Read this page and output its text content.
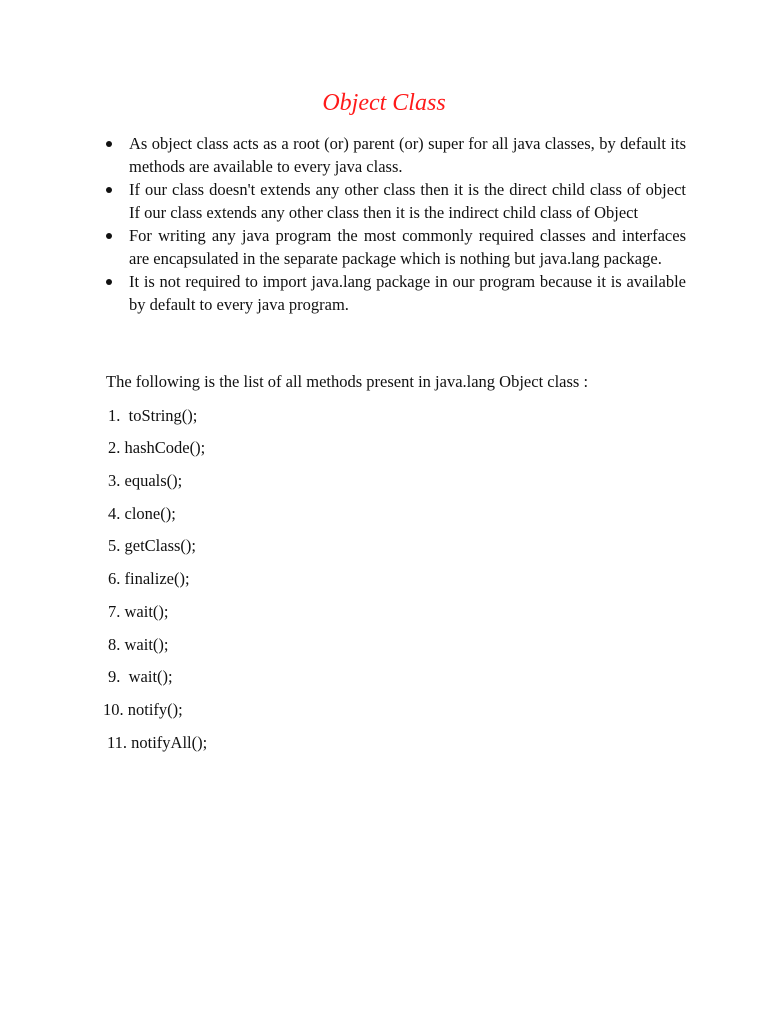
Object Class
As object class acts as a root (or) parent (or) super for all java classes, by default its methods are available to every java class.
If our class doesn't extends any other class then it is the direct child class of object If our class extends any other class then it is the indirect child class of Object
For writing any java program the most commonly required classes and interfaces are encapsulated in the separate package which is nothing but java.lang package.
It is not required to import java.lang package in our program because it is available by default to every java program.
The following is the list of all methods present in java.lang Object class :
1.  toString();
2. hashCode();
3. equals();
4. clone();
5. getClass();
6. finalize();
7. wait();
8. wait();
9.  wait();
10. notify();
11. notifyAll();
